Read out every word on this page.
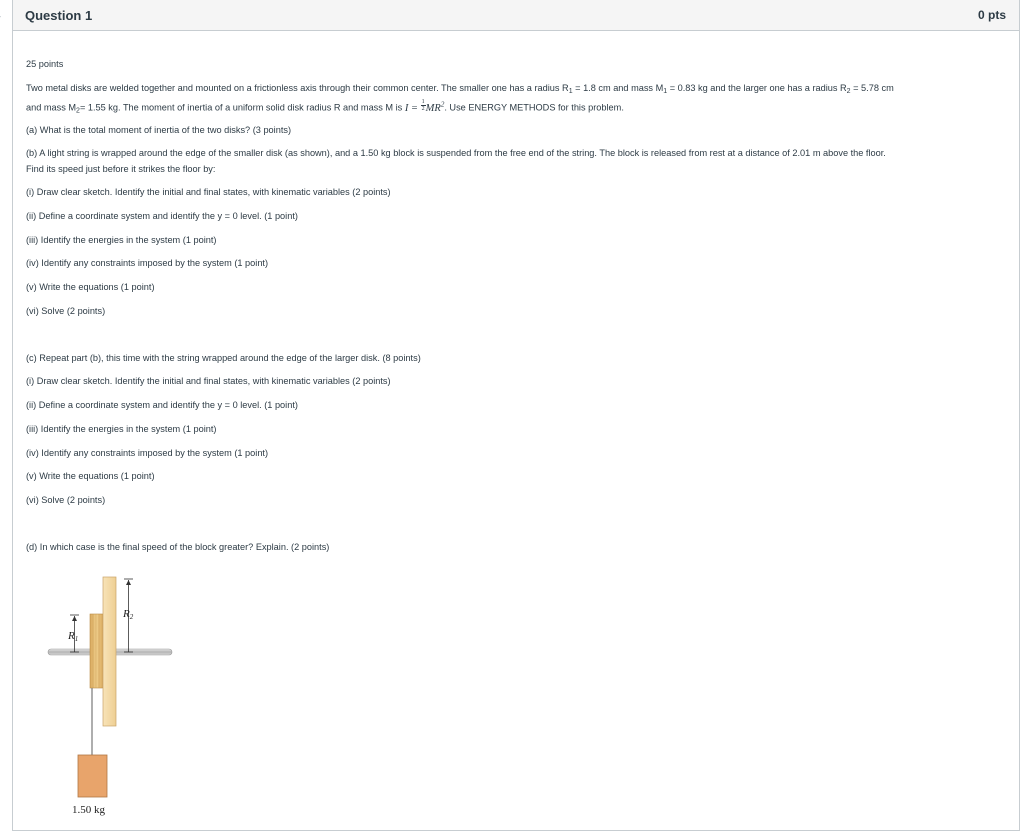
Question 1	0 pts
25 points
Two metal disks are welded together and mounted on a frictionless axis through their common center. The smaller one has a radius $R_1 = 1.8$ cm and mass $M_1 = 0.83$ kg and the larger one has a radius $R_2 = 5.78$ cm
and mass $M_2= 1.55$ kg. The moment of inertia of a uniform solid disk radius R and mass M is $I = \frac{1}{2} MR^2$. Use ENERGY METHODS for this problem.
(a) What is the total moment of inertia of the two disks? (3 points)
(b) A light string is wrapped around the edge of the smaller disk (as shown), and a 1.50 kg block is suspended from the free end of the string. The block is released from rest at a distance of 2.01 m above the floor.
Find its speed just before it strikes the floor by:
(i) Draw clear sketch. Identify the initial and final states, with kinematic variables (2 points)
(ii) Define a coordinate system and identify the y = 0 level. (1 point)
(iii) Identify the energies in the system (1 point)
(iv) Identify any constraints imposed by the system (1 point)
(v) Write the equations (1 point)
(vi) Solve (2 points)
(c) Repeat part (b), this time with the string wrapped around the edge of the larger disk. (8 points)
(i) Draw clear sketch. Identify the initial and final states, with kinematic variables (2 points)
(ii) Define a coordinate system and identify the y = 0 level. (1 point)
(iii) Identify the energies in the system (1 point)
(iv) Identify any constraints imposed by the system (1 point)
(v) Write the equations (1 point)
(vi) Solve (2 points)
(d) In which case is the final speed of the block greater? Explain. (2 points)
1.50 kg
R1
R2
